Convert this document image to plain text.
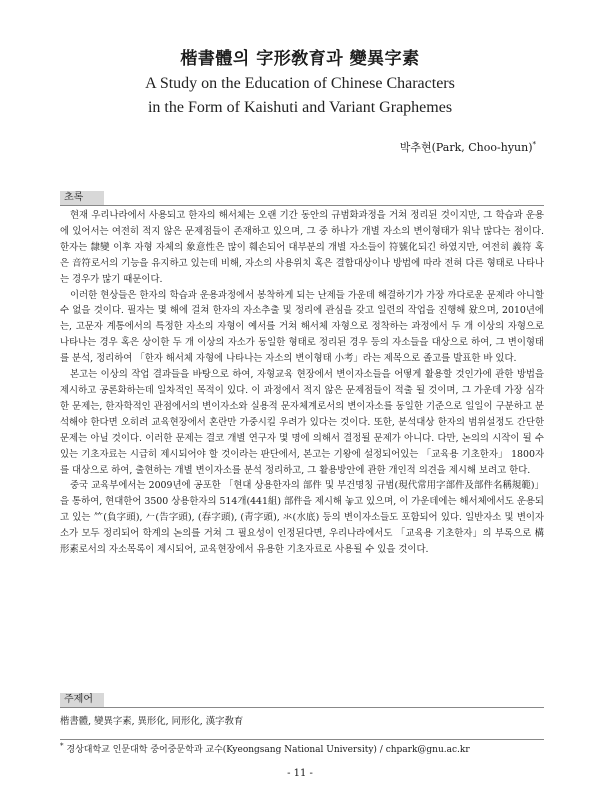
楷書體의 字形敎育과 變異字素
A Study on the Education of Chinese Characters
in the Form of Kaishuti and Variant Graphemes
박추현(Park, Choo-hyun)*
초록

현재 우리나라에서 사용되고 한자의 해서체는 오랜 기간 동안의 규범화과정을 거쳐 정리된 것이지만, 그 학습과 운용에 있어서는 여전히 적지 않은 문제점들이 존재하고 있으며, 그 중 하나가 개별 자소의 변이형태가 워낙 많다는 점이다. 한자는 隸變 이후 자형 자체의 象意性은 많이 훼손되어 대부분의 개별 자소들이 符號化되긴 하였지만, 여전히 義符 혹은 音符로서의 기능을 유지하고 있는데 비해, 자소의 사용위치 혹은 결합대상이나 방법에 따라 전혀 다른 형태로 나타나는 경우가 많기 때문이다.

이러한 현상들은 한자의 학습과 운용과정에서 봉착하게 되는 난제들 가운데 해결하기가 가장 까다로운 문제라 아니할 수 없을 것이다. 필자는 몇 해에 걸쳐 한자의 자소추출 및 정리에 관심을 갖고 일련의 작업을 진행해 왔으며, 2010년에는, 고문자 계통에서의 특정한 자소의 자형이 예서를 거쳐 해서체 자형으로 정착하는 과정에서 두 개 이상의 자형으로 나타나는 경우 혹은 상이한 두 개 이상의 자소가 동일한 형태로 정리된 경우 등의 자소들을 대상으로 하여, 그 변이형태를 분석, 정리하여 「한자 해서체 자형에 나타나는 자소의 변이형태 小考」라는 제목으로 졸고를 발표한 바 있다.

본고는 이상의 작업 결과들을 바탕으로 하여, 자형교육 현장에서 변이자소들을 어떻게 활용할 것인가에 관한 방법을 제시하고 공론화하는데 일차적인 목적이 있다. 이 과정에서 적지 않은 문제점들이 적출 될 것이며, 그 가운데 가장 심각한 문제는, 한자학적인 관점에서의 변이자소와 실용적 문자체계로서의 변이자소를 동일한 기준으로 일일이 구분하고 분석해야 한다면 오히려 교육현장에서 혼란만 가중시킬 우려가 있다는 것이다. 또한, 분석대상 한자의 범위설정도 간단한 문제는 아닐 것이다. 이러한 문제는 결코 개별 연구자 몇 명에 의해서 결정될 문제가 아니다. 다만, 논의의 시작이 될 수 있는 기초자료는 시급히 제시되어야 할 것이라는 판단에서, 본고는 기왕에 설정되어있는 「교육용 기초한자」 1800자를 대상으로 하여, 출현하는 개별 변이자소를 분석 정리하고, 그 활용방안에 관한 개인적 의견을 제시해 보려고 한다.

중국 교육부에서는 2009년에 공포한 「현대 상용한자의 部件 및 부건명칭 규범(現代常用字部件及部件名稱規範)」을 통하여, 현대한어 3500 상용한자의 514개(441組) 部件을 제시해 놓고 있으며, 이 가운데에는 해서체에서도 운용되고 있는 ⺮(負字頭), 𠂉(告字頭), (春字頭), (靑字頭), 氺(水底) 등의 변이자소들도 포함되어 있다. 일반자소 및 변이자소가 모두 정리되어 학계의 논의를 거쳐 그 필요성이 인정된다면, 우리나라에서도 「교육용 기초한자」의 부록으로 構形素로서의 자소목록이 제시되어, 교육현장에서 유용한 기초자료로 사용될 수 있을 것이다.

주제어
楷書體, 變異字素, 異形化, 同形化, 漢字敎育
* 경상대학교 인문대학 중어중문학과 교수(Kyeongsang National University) / chpark@gnu.ac.kr
- 11 -
